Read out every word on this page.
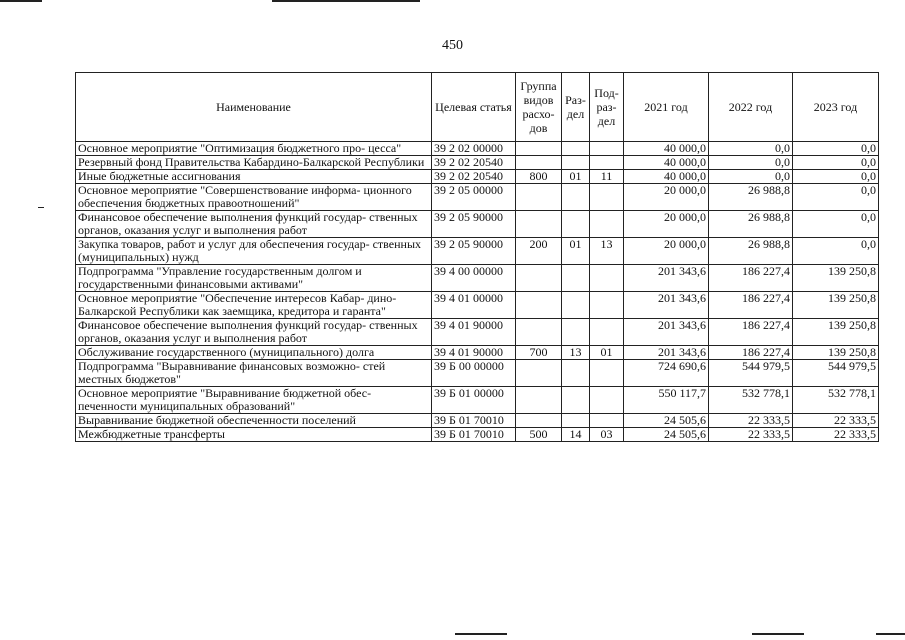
450
Наименование	Целевая статья	Группа видов расхо- дов	Раз- дел	Под- раз- дел	2021 год	2022 год	2023 год
Основное мероприятие "Оптимизация бюджетного про- цесса"	39 2 02 00000				40 000,0	0,0	0,0
Резервный фонд Правительства Кабардино-Балкарской Республики	39 2 02 20540				40 000,0	0,0	0,0
Иные бюджетные ассигнования	39 2 02 20540	800	01	11	40 000,0	0,0	0,0
Основное мероприятие "Совершенствование информа- ционного обеспечения бюджетных правоотношений"	39 2 05 00000				20 000,0	26 988,8	0,0
Финансовое обеспечение выполнения функций государ- ственных органов, оказания услуг и выполнения работ	39 2 05 90000				20 000,0	26 988,8	0,0
Закупка товаров, работ и услуг для обеспечения государ- ственных (муниципальных) нужд	39 2 05 90000	200	01	13	20 000,0	26 988,8	0,0
Подпрограмма "Управление государственным долгом и государственными финансовыми активами"	39 4 00 00000				201 343,6	186 227,4	139 250,8
Основное мероприятие "Обеспечение интересов Кабар- дино-Балкарской Республики как заемщика, кредитора и гаранта"	39 4 01 00000				201 343,6	186 227,4	139 250,8
Финансовое обеспечение выполнения функций государ- ственных органов, оказания услуг и выполнения работ	39 4 01 90000				201 343,6	186 227,4	139 250,8
Обслуживание государственного (муниципального) долга	39 4 01 90000	700	13	01	201 343,6	186 227,4	139 250,8
Подпрограмма "Выравнивание финансовых возможно- стей местных бюджетов"	39 Б 00 00000				724 690,6	544 979,5	544 979,5
Основное мероприятие "Выравнивание бюджетной обес- печенности муниципальных образований"	39 Б 01 00000				550 117,7	532 778,1	532 778,1
Выравнивание бюджетной обеспеченности поселений	39 Б 01 70010				24 505,6	22 333,5	22 333,5
Межбюджетные трансферты	39 Б 01 70010	500	14	03	24 505,6	22 333,5	22 333,5
